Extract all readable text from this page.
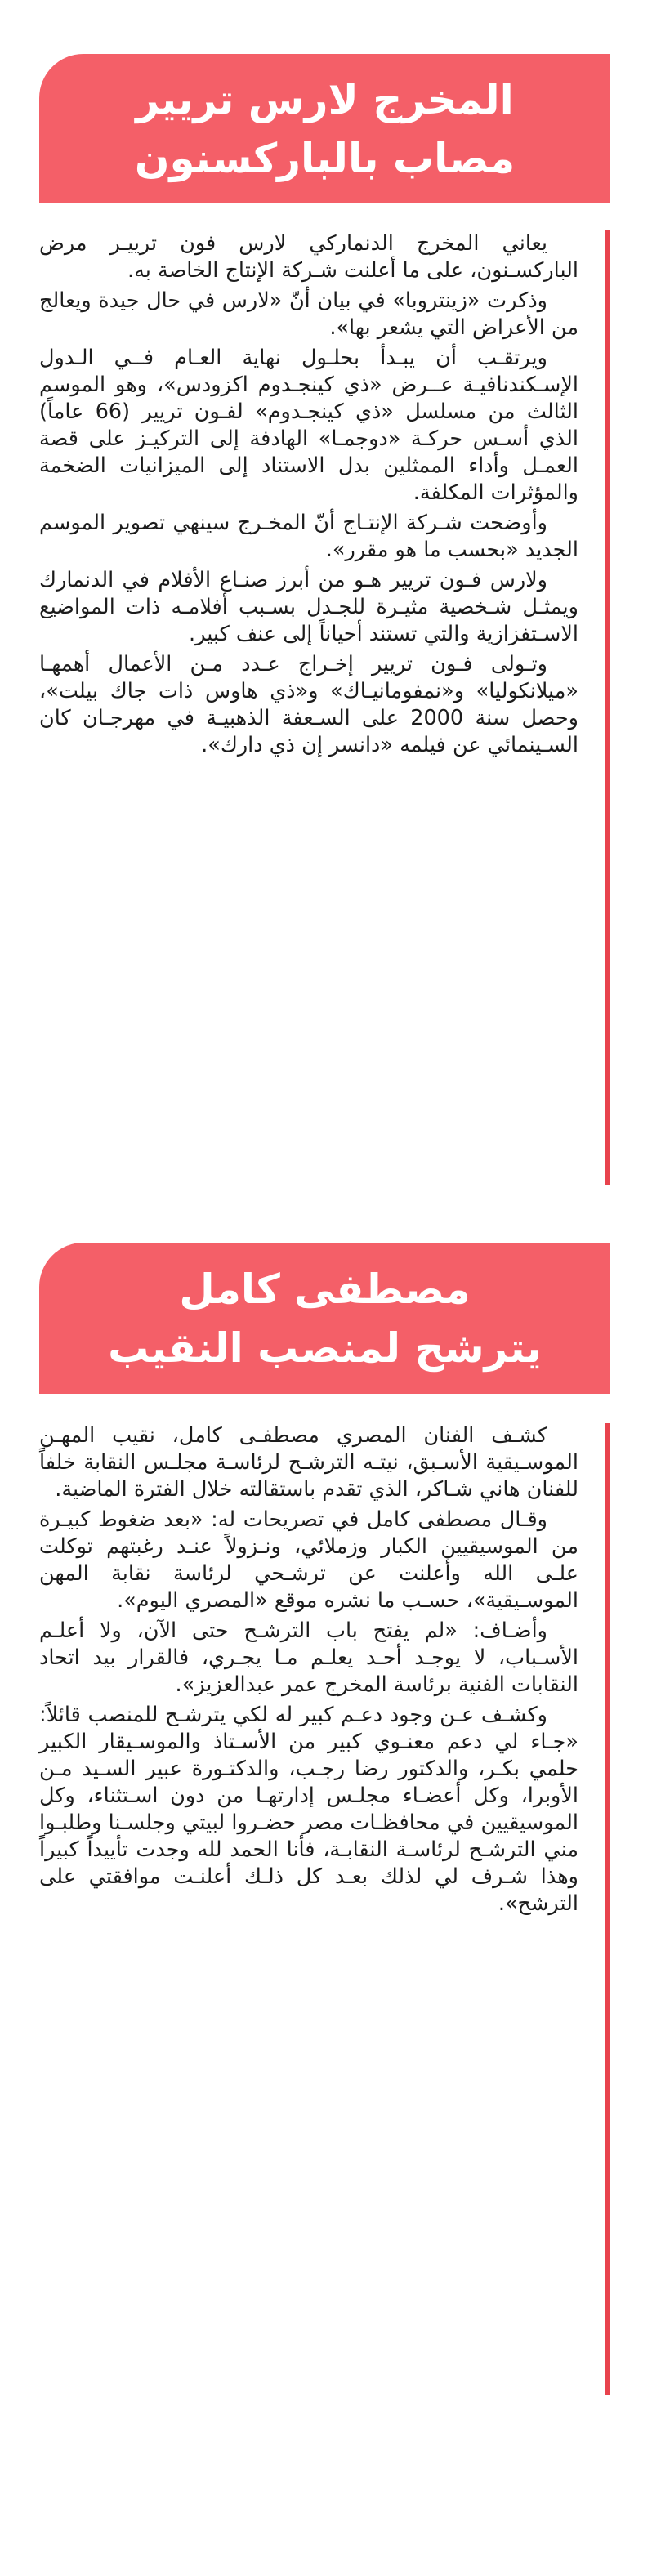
المخرج لارس تريير
مصاب بالباركسنون

يعاني المخرج الدنماركي لارس فون ترييـر مرض الباركسـنون، على ما أعلنت شـركة الإنتاج الخاصة به.

وذكرت «زينتروبا» في بيان أنّ «لارس في حال جيدة ويعالج من الأعراض التي يشعر بها».

ويرتقـب أن يبـدأ بحلـول نهاية العـام فــي الـدول الإسـكندنافيـة عــرض «ذي كينجـدوم اكزودس»، وهو الموسم الثالث من مسلسل «ذي كينجـدوم» لفـون تريير (66 عاماً) الذي أسـس حركـة «دوجمـا» الهادفة إلى التركيـز على قصة العمـل وأداء الممثلين بدل الاستناد إلى الميزانيات الضخمة والمؤثرات المكلفة.

وأوضحت شـركة الإنتـاج أنّ المخـرج سينهي تصوير الموسم الجديد «بحسب ما هو مقرر».

ولارس فـون تريير هـو من أبرز صنـاع الأفلام في الدنمارك ويمثـل شـخصية مثيـرة للجـدل بسـبب أفلامـه ذات المواضيع الاسـتفزازية والتي تستند أحياناً إلى عنف كبير.

وتـولى فـون تريير إخـراج عـدد مـن الأعمال أهمهـا «ميلانكوليا» و«نمفومانيـاك» و«ذي هاوس ذات جاك بيلت»، وحصل سنة 2000 على السـعفة الذهبيـة في مهرجـان كان السـينمائي عن فيلمه «دانسر إن ذي دارك».

مصطفى كامل
يترشح لمنصب النقيب

كشـف الفنان المصري مصطفـى كامل، نقيب المهـن الموسـيقية الأسـبق، نيتـه الترشـح لرئاسـة مجلـس النقابة خلفاً للفنان هاني شـاكر، الذي تقدم باستقالته خلال الفترة الماضية.

وقـال مصطفى كامل في تصريحات له: «بعد ضغوط كبيـرة من الموسيقيين الكبار وزملائي، ونـزولاً عنـد رغبتهم توكلت علـى الله وأعلنت عن ترشـحي لرئاسة نقابة المهن الموسـيقية»، حسـب ما نشره موقع «المصري اليوم».

وأضـاف: «لم يفتح باب الترشـح حتى الآن، ولا أعلـم الأسـباب، لا يوجـد أحـد يعلـم مـا يجـري، فالقرار بيد اتحاد النقابات الفنية برئاسة المخرج عمر عبدالعزيز».

وكشـف عـن وجود دعـم كبير له لكي يترشـح للمنصب قائلاً: «جـاء لي دعم معنـوي كبير من الأسـتاذ والموسـيقار الكبير حلمي بكـر، والدكتور رضا رجـب، والدكتـورة عبير السـيد مـن الأوبرا، وكل أعضـاء مجلـس إدارتهـا من دون اسـتثناء، وكل الموسيقيين في محافظـات مصر حضـروا لبيتي وجلسـنا وطلبـوا مني الترشـح لرئاسـة النقابـة، فأنا الحمد لله وجدت تأييداً كبيراً وهذا شـرف لي لذلك بعـد كل ذلـك أعلنـت موافقتي على الترشح».
